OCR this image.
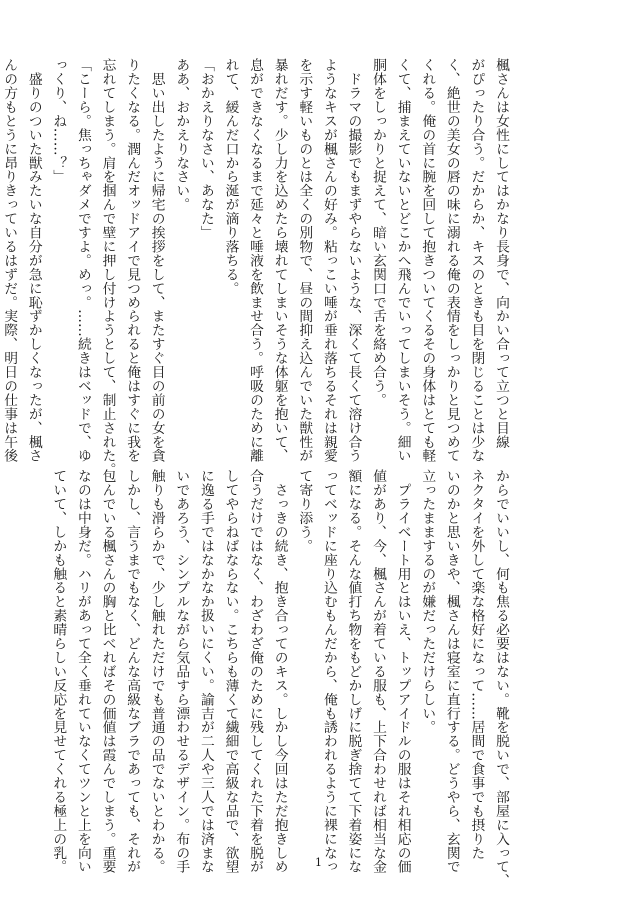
楓さんは女性にしてはかなり長身で、向かい合って立つと目線
がぴったり合う。だからか、キスのときも目を閉じることは少な
く、絶世の美女の唇の味に溺れる俺の表情をしっかりと見つめて
くれる。俺の首に腕を回して抱きついてくるその身体はとても軽
くて、捕まえていないとどこかへ飛んでいってしまいそう。細い
胴体をしっかりと捉えて、暗い玄関口で舌を絡め合う。
　ドラマの撮影でもまずやらないような、深くて長くて溶け合う
ようなキスが楓さんの好み。粘っこい唾が垂れ落ちるそれは親愛
を示す軽いものとは全くの別物で、昼の間抑え込んでいた獣性が
暴れだす。少し力を込めたら壊れてしまいそうな体躯を抱いて、
息ができなくなるまで延々と唾液を飲ませ合う。呼吸のために離
れて、緩んだ口から涎が滴り落ちる。
「おかえりなさい、あなた」
ああ、おかえりなさい。
　思い出したように帰宅の挨拶をして、またすぐ目の前の女を貪
りたくなる。潤んだオッドアイで見つめられると俺はすぐに我を
忘れてしまう。肩を掴んで壁に押し付けようとして、制止された。
「こーら。焦っちゃダメですよ。めっ。……続きはベッドで、ゆ
っくり、ね……？」
　盛りのついた獣みたいな自分が急に恥ずかしくなったが、楓さ
んの方もとうに昂りきっているはずだ。実際、明日の仕事は午後
からでいいし、何も焦る必要はない。靴を脱いで、部屋に入って、
ネクタイを外して楽な格好になって……居間で食事でも摂りた
いのかと思いきや、楓さんは寝室に直行する。どうやら、玄関で
立ったままするのが嫌だっただけらしい。
　プライベート用とはいえ、トップアイドルの服はそれ相応の価
値があり、今、楓さんが着ている服も、上下合わせれば相当な金
額になる。そんな値打ち物をもどかしげに脱ぎ捨てて下着姿にな
ってベッドに座り込むもんだから、俺も誘われるように裸になっ
て寄り添う。
　さっきの続き、抱き合ってのキス。しかし今回はただ抱きしめ
合うだけではなく、わざわざ俺のために残してくれた下着を脱が
してやらねばならない。こちらも薄くて繊細で高級な品で、欲望
に逸る手ではなかなか扱いにくい。諭吉が二人や三人では済まな
いであろう、シンプルながら気品すら漂わせるデザイン。布の手
触りも滑らかで、少し触れただけでも普通の品でないとわかる。
しかし、言うまでもなく、どんな高級なブラであっても、それが
包んでいる楓さんの胸と比べればその価値は霞んでしまう。重要
なのは中身だ。ハリがあって全く垂れていなくてツンと上を向い
ていて、しかも触ると素晴らしい反応を見せてくれる極上の乳。	1
